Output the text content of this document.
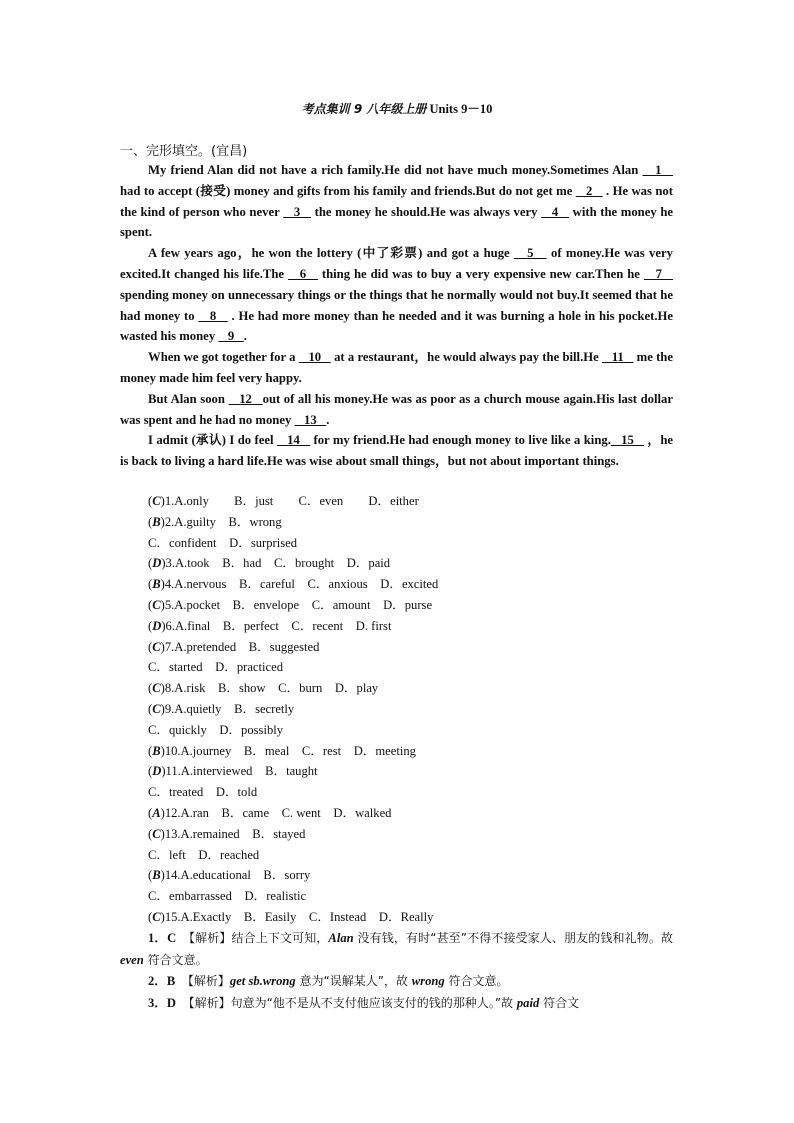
考点集训 9 八年级上册 Units 9－10
一、完形填空。(宜昌)

My friend Alan did not have a rich family.He did not have much money.Sometimes Alan    1    had to accept (接受) money and gifts from his family and friends.But do not get me    2    . He was not the kind of person who never    3    the money he should.He was always very    4    with the money he spent.

A few years ago，he won the lottery (中了彩票) and got a huge    5    of money.He was very excited.It changed his life.The    6    thing he did was to buy a very expensive new car.Then he    7    spending money on unnecessary things or the things that he normally would not buy.It seemed that he had money to    8    . He had more money than he needed and it was burning a hole in his pocket.He wasted his money    9   .

When we got together for a    10    at a restaurant，he would always pay the bill.He    11    me the money made him feel very happy.

But Alan soon    12   out of all his money.He was as poor as a church mouse again.His last dollar was spent and he had no money    13   .

I admit (承认) I do feel    14    for my friend.He had enough money to live like a king.   15    ，he is back to living a hard life.He was wise about small things，but not about important things.

(C)1.A.only　　B．just　　C．even　　D．either
(B)2.A.guilty　B．wrong
C．confident　D．surprised
(D)3.A.took　B．had　C．brought　D．paid
(B)4.A.nervous　B．careful　C．anxious　D．excited
(C)5.A.pocket　B．envelope　C．amount　D．purse
(D)6.A.final　B．perfect　C．recent　D. first
(C)7.A.pretended　B．suggested
C．started　D．practiced
(C)8.A.risk　B．show　C．burn　D．play
(C)9.A.quietly　B．secretly
C．quickly　D．possibly
(B)10.A.journey　B．meal　C．rest　D．meeting
(D)11.A.interviewed　B．taught
C．treated　D．told
(A)12.A.ran　B．came　C. went　D．walked
(C)13.A.remained　B．stayed
C．left　D．reached
(B)14.A.educational　B．sorry
C．embarrassed　D．realistic
(C)15.A.Exactly　B．Easily　C．Instead　D．Really

1．C　【解析】结合上下文可知，Alan 没有钱，有时“甚至”不得不接受家人、朋友的钱和礼物。故 even 符合文意。

2．B　【解析】get sb.wrong 意为“误解某人”，故 wrong 符合文意。

3．D　【解析】句意为“他不是从不支付他应该支付的钱的那种人。”故 paid 符合文
